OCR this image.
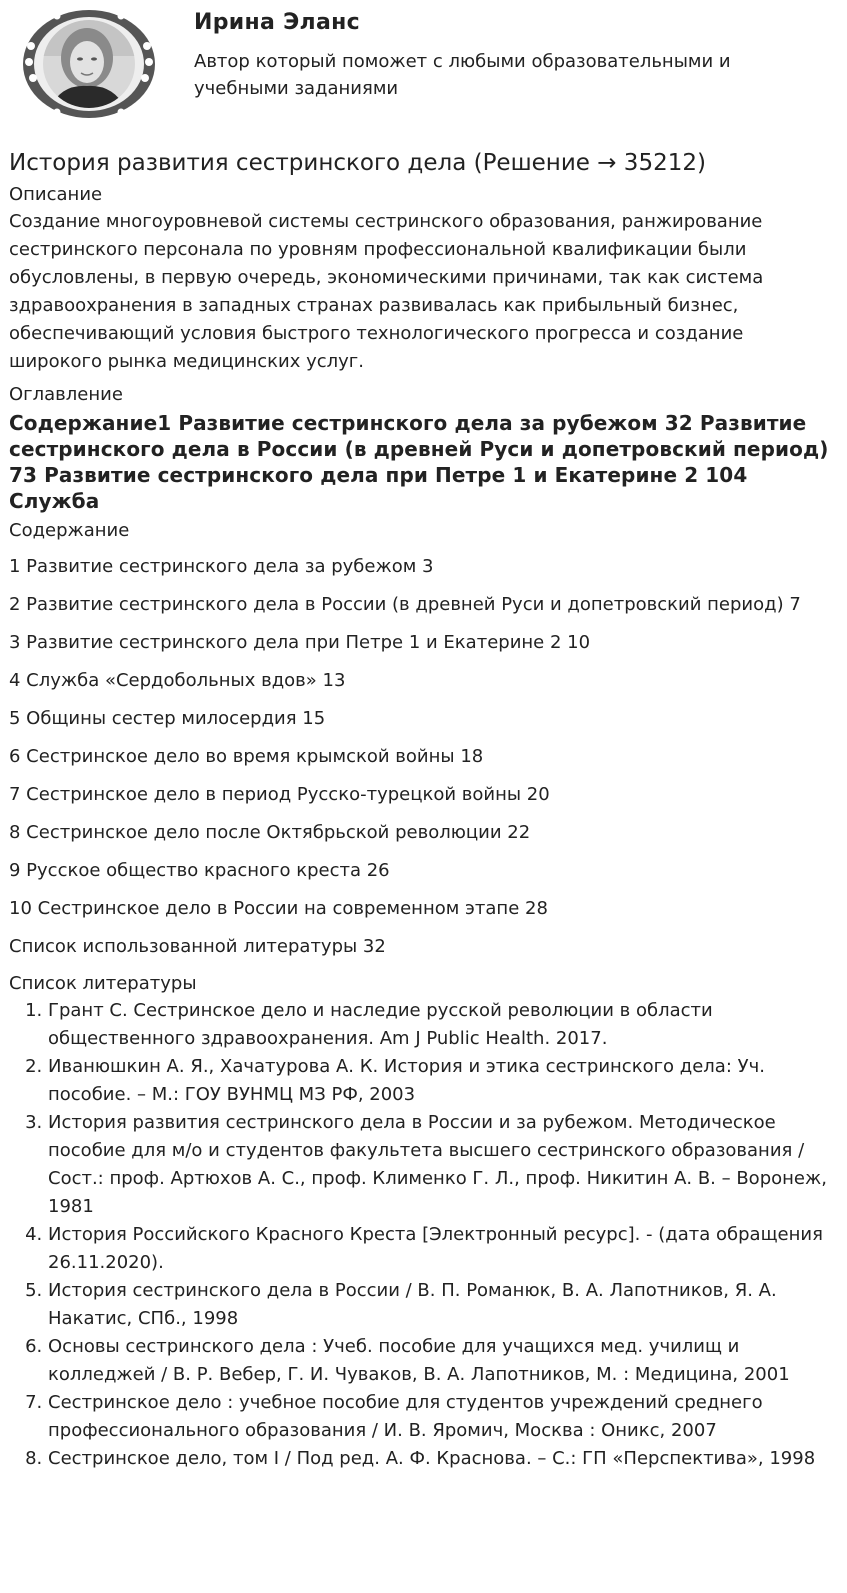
Ирина Эланс
Автор который поможет с любыми образовательными и учебными заданиями
История развития сестринского дела (Решение → 35212)
Описание
Создание многоуровневой системы сестринского образования, ранжирование сестринского персонала по уровням профессиональной квалификации были обусловлены, в первую очередь, экономическими причинами, так как система здравоохранения в западных странах развивалась как прибыльный бизнес, обеспечивающий условия быстрого технологического прогресса и создание широкого рынка медицинских услуг.
Оглавление
Содержание1 Развитие сестринского дела за рубежом 32 Развитие сестринского дела в России (в древней Руси и допетровский период) 73 Развитие сестринского дела при Петре 1 и Екатерине 2 104 Служба
Содержание
1 Развитие сестринского дела за рубежом 3
2 Развитие сестринского дела в России (в древней Руси и допетровский период) 7
3 Развитие сестринского дела при Петре 1 и Екатерине 2 10
4 Служба «Сердобольных вдов» 13
5 Общины сестер милосердия 15
6 Сестринское дело во время крымской войны 18
7 Сестринское дело в период Русско-турецкой войны 20
8 Сестринское дело после Октябрьской революции 22
9 Русское общество красного креста 26
10 Сестринское дело в России на современном этапе 28
Список использованной литературы 32
Список литературы
1. Грант С. Сестринское дело и наследие русской революции в области общественного здравоохранения. Am J Public Health. 2017.
2. Иванюшкин А. Я., Хачатурова А. К. История и этика сестринского дела: Уч. пособие. – М.: ГОУ ВУНМЦ МЗ РФ, 2003
3. История развития сестринского дела в России и за рубежом. Методическое пособие для м/о и студентов факультета высшего сестринского образования / Сост.: проф. Артюхов А. С., проф. Клименко Г. Л., проф. Никитин А. В. – Воронеж, 1981
4. История Российского Красного Креста [Электронный ресурс]. - (дата обращения 26.11.2020).
5. История сестринского дела в России / В. П. Романюк, В. А. Лапотников, Я. А. Накатис, СПб., 1998
6. Основы сестринского дела : Учеб. пособие для учащихся мед. училищ и колледжей / В. Р. Вебер, Г. И. Чуваков, В. А. Лапотников, М. : Медицина, 2001
7. Сестринское дело : учебное пособие для студентов учреждений среднего профессионального образования / И. В. Яромич, Москва : Оникс, 2007
8. Сестринское дело, том I / Под ред. А. Ф. Краснова. – С.: ГП «Перспектива», 1998
